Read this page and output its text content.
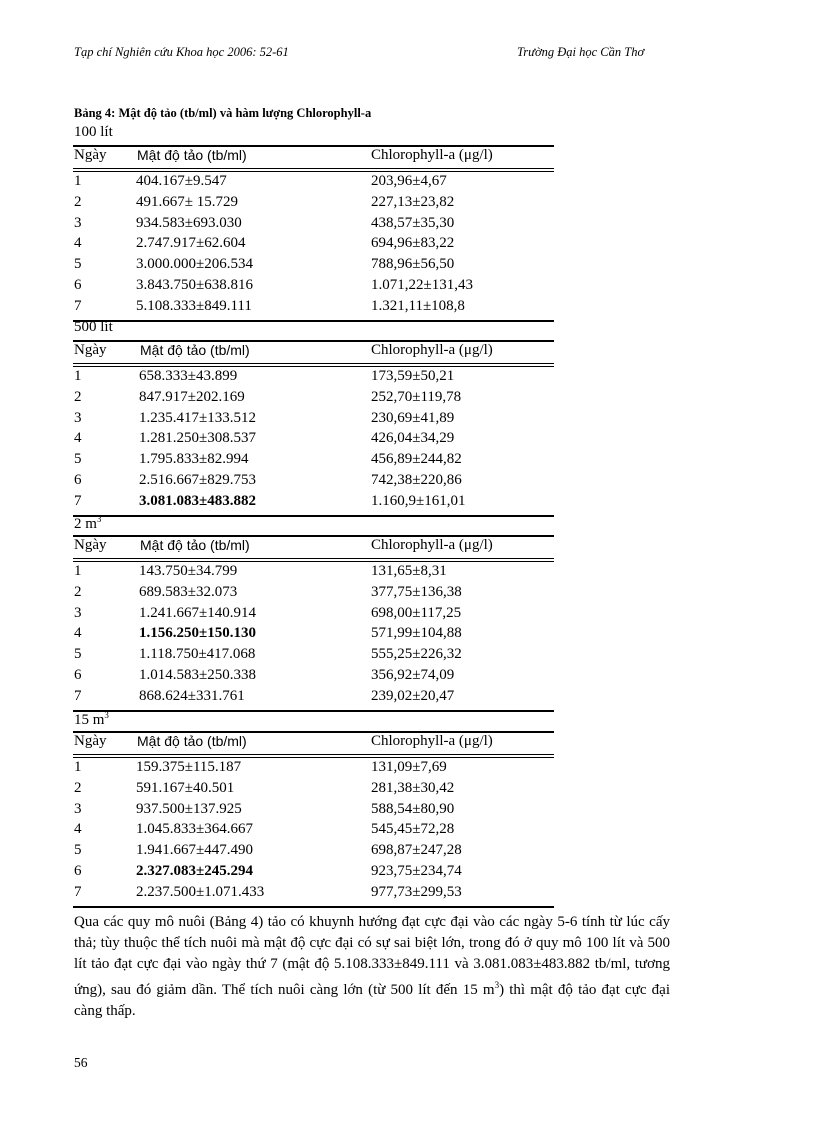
Tạp chí Nghiên cứu Khoa học 2006: 52-61	Trường Đại học Cần Thơ
Bảng 4: Mật độ tảo (tb/ml) và hàm lượng Chlorophyll-a
100 lít
Ngày Mật độ tảo (tb/ml)	Chlorophyll-a (μg/l)
1	404.167±9.547	203,96±4,67
2	491.667± 15.729	227,13±23,82
3	934.583±693.030	438,57±35,30
4	2.747.917±62.604	694,96±83,22
5	3.000.000±206.534	788,96±56,50
6	3.843.750±638.816	1.071,22±131,43
7	5.108.333±849.111	1.321,11±108,8
500 lít
Ngày Mật độ tảo (tb/ml)	Chlorophyll-a (μg/l)
1	658.333±43.899	173,59±50,21
2	847.917±202.169	252,70±119,78
3	1.235.417±133.512	230,69±41,89
4	1.281.250±308.537	426,04±34,29
5	1.795.833±82.994	456,89±244,82
6	2.516.667±829.753	742,38±220,86
7	3.081.083±483.882	1.160,9±161,01
2 $m^3$
Ngày Mật độ tảo (tb/ml)	Chlorophyll-a (μg/l)
1	143.750±34.799	131,65±8,31
2	689.583±32.073	377,75±136,38
3	1.241.667±140.914	698,00±117,25
4	1.156.250±150.130	571,99±104,88
5	1.118.750±417.068	555,25±226,32
6	1.014.583±250.338	356,92±74,09
7	868.624±331.761	239,02±20,47
15 $m^3$
Ngày Mật độ tảo (tb/ml)	Chlorophyll-a (μg/l)
1	159.375±115.187	131,09±7,69
2	591.167±40.501	281,38±30,42
3	937.500±137.925	588,54±80,90
4	1.045.833±364.667	545,45±72,28
5	1.941.667±447.490	698,87±247,28
6	2.327.083±245.294	923,75±234,74
7	2.237.500±1.071.433	977,73±299,53
Qua các quy mô nuôi (Bảng 4) tảo có khuynh hướng đạt cực đại vào các ngày 5-6 tính từ lúc cấy thả; tùy thuộc thể tích nuôi mà mật độ cực đại có sự sai biệt lớn, trong đó ở quy mô 100 lít và 500 lít tảo đạt cực đại vào ngày thứ 7 (mật độ 5.108.333±849.111 và 3.081.083±483.882 tb/ml, tương ứng), sau đó giảm dần. Thể tích nuôi càng lớn (từ 500 lít đến 15 $m^3$) thì mật độ tảo đạt cực đại càng thấp.
56
